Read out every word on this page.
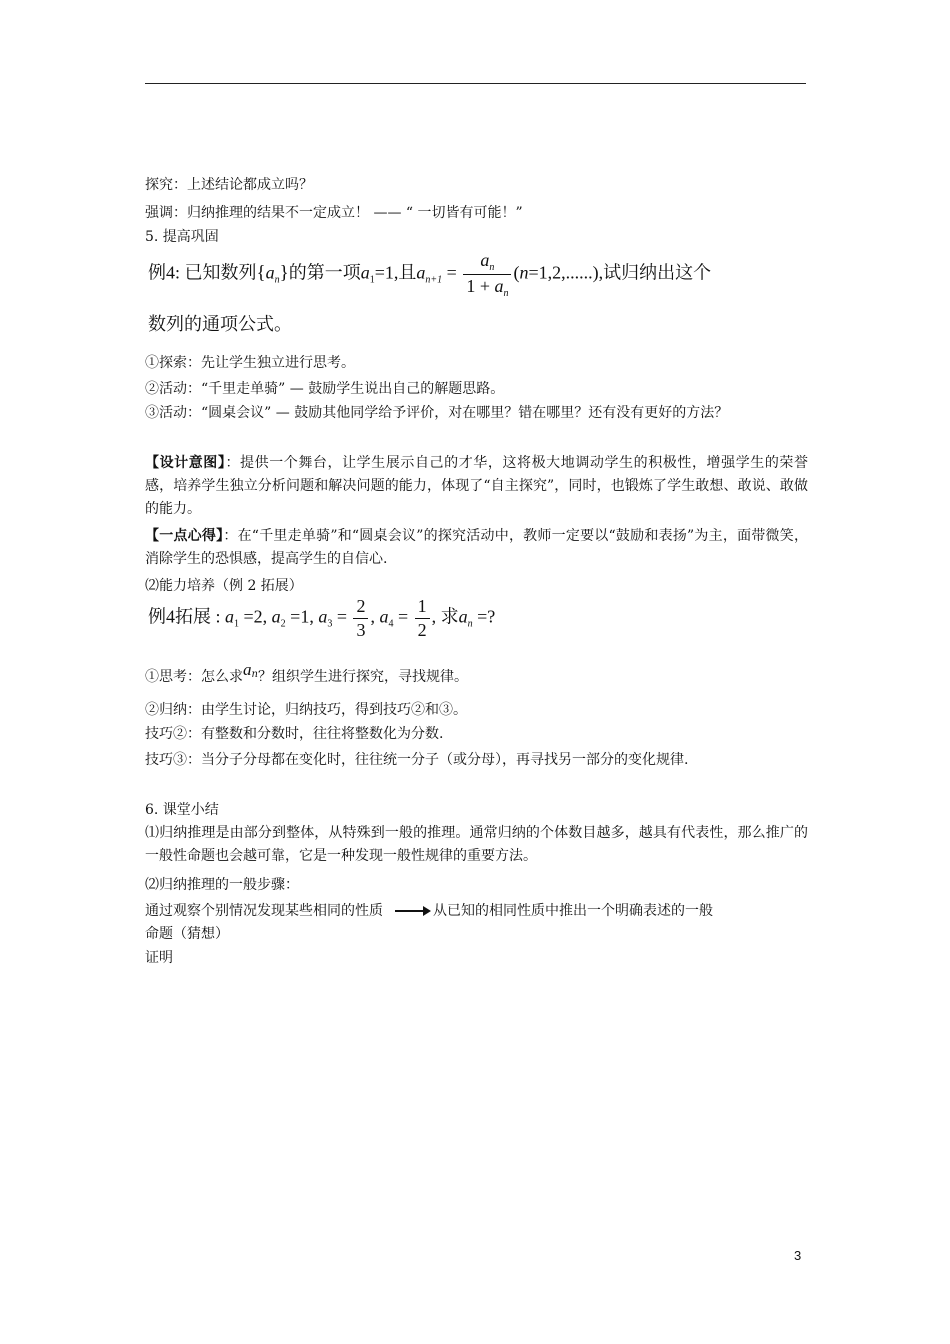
探究：上述结论都成立吗？
强调：归纳推理的结果不一定成立！ —— “ 一切皆有可能！”
5. 提高巩固
例4: 已知数列$\{a_n\}$的第一项$a_1=1$,且$a_{n+1} = \frac{a_n}{1 + a_n} (n=1,2,......)$,试归纳出这个
数列的通项公式。
①探索：先让学生独立进行思考。
②活动：“千里走单骑” — 鼓励学生说出自己的解题思路。
③活动：“圆桌会议” — 鼓励其他同学给予评价，对在哪里？错在哪里？还有没有更好的方法？
【设计意图】：提供一个舞台，让学生展示自己的才华，这将极大地调动学生的积极性，增强学生的荣誉感，培养学生独立分析问题和解决问题的能力，体现了“自主探究”，同时，也锻炼了学生敢想、敢说、敢做的能力。
【一点心得】：在“千里走单骑”和“圆桌会议”的探究活动中，教师一定要以“鼓励和表扬”为主，面带微笑，消除学生的恐惧感，提高学生的自信心.
⑵能力培养（例 2 拓展）
例4拓展 : $a_1 =2$, $a_2 =1$, $a_3 = \frac{2}{3}$ , $a_4 = \frac{1}{2}$ , 求$a_n$ =?
①思考：怎么求$a^n$？组织学生进行探究，寻找规律。
②归纳：由学生讨论，归纳技巧，得到技巧②和③。
技巧②：有整数和分数时，往往将整数化为分数.
技巧③：当分子分母都在变化时，往往统一分子（或分母），再寻找另一部分的变化规律.
6. 课堂小结
⑴归纳推理是由部分到整体，从特殊到一般的推理。通常归纳的个体数目越多，越具有代表性，那么推广的一般性命题也会越可靠，它是一种发现一般性规律的重要方法。
⑵归纳推理的一般步骤：
通过观察个别情况发现某些相同的性质	从已知的相同性质中推出一个明确表述的一般
命题（猜想）
证明
3
